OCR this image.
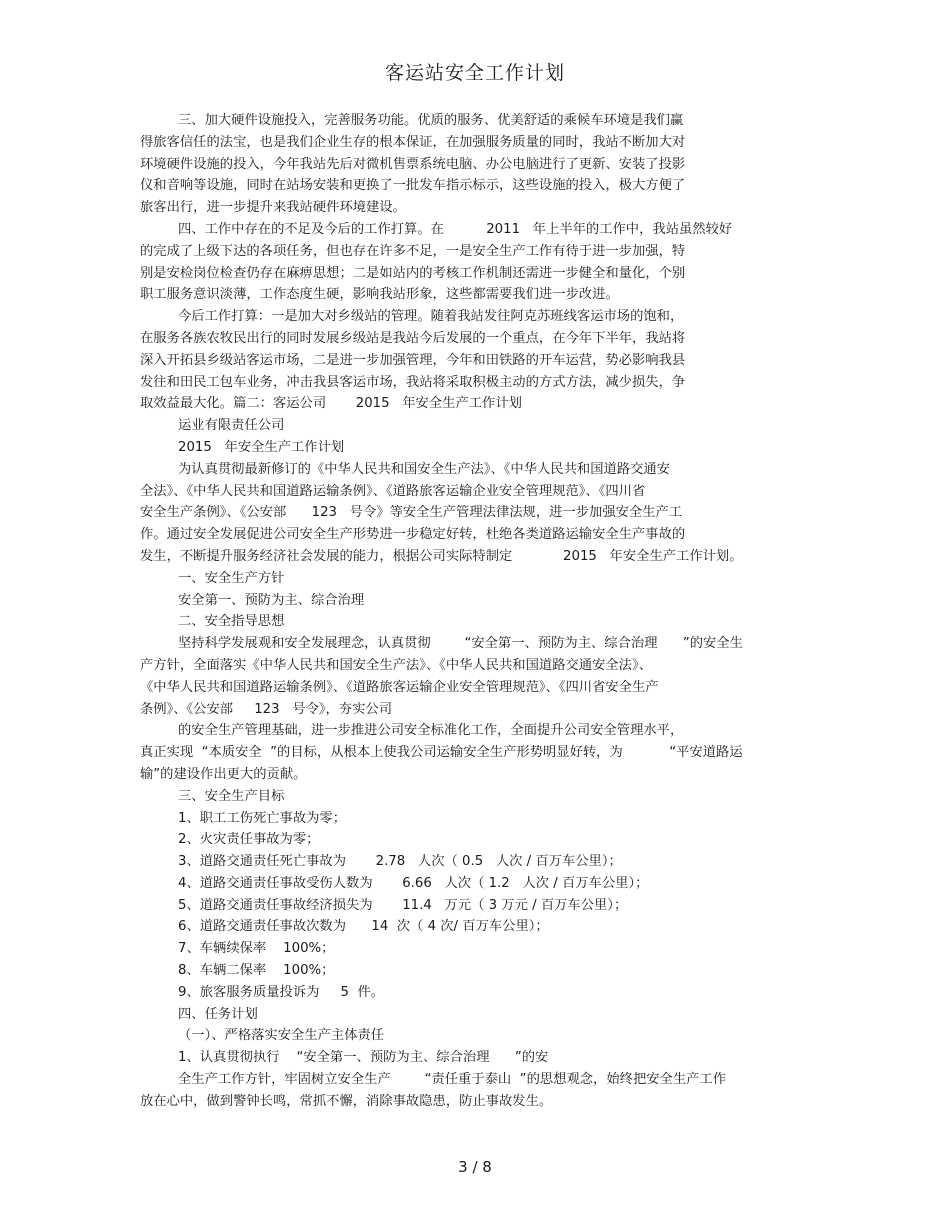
客运站安全工作计划
三、加大硬件设施投入，完善服务功能。优质的服务、优美舒适的乘候车环境是我们赢
得旅客信任的法宝，也是我们企业生存的根本保证，在加强服务质量的同时，我站不断加大对
环境硬件设施的投入，今年我站先后对微机售票系统电脑、办公电脑进行了更新、安装了投影
仪和音响等设施，同时在站场安装和更换了一批发车指示标示，这些设施的投入，极大方便了
旅客出行，进一步提升来我站硬件环境建设。
四、工作中存在的不足及今后的工作打算。在          2011   年上半年的工作中，我站虽然较好
的完成了上级下达的各项任务，但也存在许多不足，一是安全生产工作有待于进一步加强，特
别是安检岗位检查仍存在麻痹思想；二是如站内的考核工作机制还需进一步健全和量化，个别
职工服务意识淡薄，工作态度生硬，影响我站形象，这些都需要我们进一步改进。
今后工作打算：一是加大对乡级站的管理。随着我站发往阿克苏班线客运市场的饱和，
在服务各族农牧民出行的同时发展乡级站是我站今后发展的一个重点，在今年下半年，我站将
深入开拓县乡级站客运市场，二是进一步加强管理，今年和田铁路的开车运营，势必影响我县
发往和田民工包车业务，冲击我县客运市场，我站将采取积极主动的方式方法，减少损失，争
取效益最大化。篇二：客运公司       2015   年安全生产工作计划
运业有限责任公司
2015   年安全生产工作计划
为认真贯彻最新修订的《中华人民共和国安全生产法》、《中华人民共和国道路交通安
全法》、《中华人民共和国道路运输条例》、《道路旅客运输企业安全管理规范》、《四川省
安全生产条例》、《公安部      123   号令》等安全生产管理法律法规，进一步加强安全生产工
作。通过安全发展促进公司安全生产形势进一步稳定好转，杜绝各类道路运输安全生产事故的
发生，不断提升服务经济社会发展的能力，根据公司实际特制定            2015   年安全生产工作计划。
一、安全生产方针
安全第一、预防为主、综合治理
二、安全指导思想
坚持科学发展观和安全发展理念，认真贯彻        “安全第一、预防为主、综合治理      ”的安全生
产方针，全面落实《中华人民共和国安全生产法》、《中华人民共和国道路交通安全法》、
《中华人民共和国道路运输条例》、《道路旅客运输企业安全管理规范》、《四川省安全生产
条例》、《公安部     123   号令》，夯实公司
的安全生产管理基础，进一步推进公司安全标准化工作，全面提升公司安全管理水平，
真正实现  “本质安全  ”的目标，从根本上使我公司运输安全生产形势明显好转，为           “平安道路运
输”的建设作出更大的贡献。
三、安全生产目标
1、职工工伤死亡事故为零；
2、火灾责任事故为零；
3、道路交通责任死亡事故为       2.78   人次（ 0.5   人次 / 百万车公里）；
4、道路交通责任事故受伤人数为       6.66   人次（ 1.2   人次 / 百万车公里）；
5、道路交通责任事故经济损失为       11.4   万元（ 3 万元 / 百万车公里）；
6、道路交通责任事故次数为      14  次（ 4 次/ 百万车公里）；
7、车辆续保率    100%；
8、车辆二保率    100%；
9、旅客服务质量投诉为     5  件。
四、任务计划
（一）、严格落实安全生产主体责任
1、认真贯彻执行    “安全第一、预防为主、综合治理      ”的安
全生产工作方针，牢固树立安全生产        “责任重于泰山  ”的思想观念，始终把安全生产工作
放在心中，做到警钟长鸣，常抓不懈，消除事故隐患，防止事故发生。
3 / 8
